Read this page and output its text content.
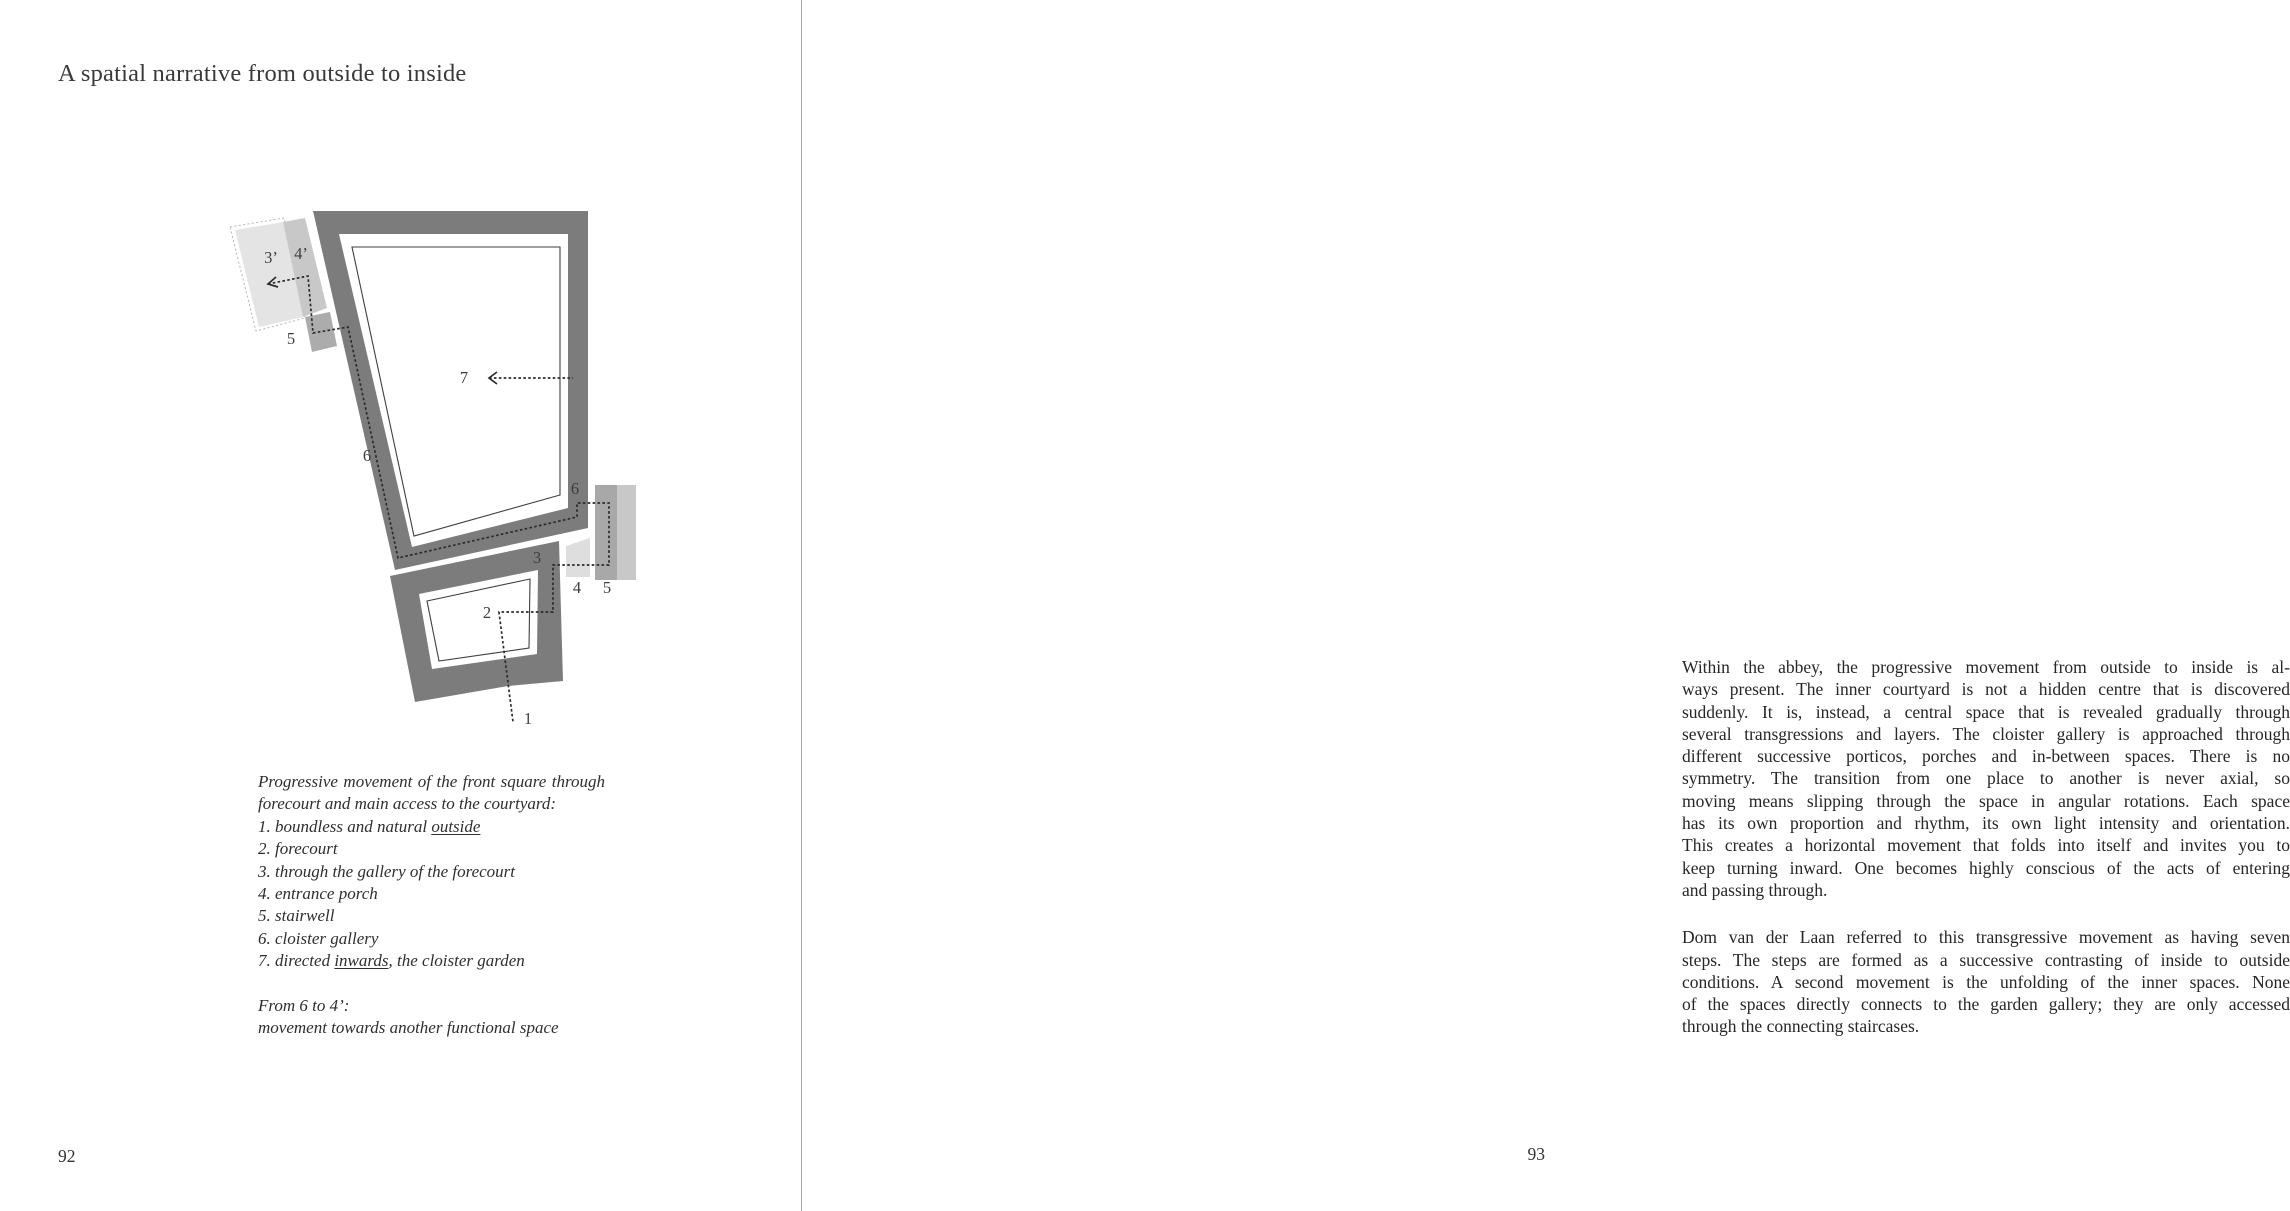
A spatial narrative from outside to inside
3’ 4’
5
6
7
6
3
4 5
2
1
Progressive movement of the front square through
forecourt and main access to the courtyard:
1. boundless and natural outside
2. forecourt
3. through the gallery of the forecourt
4. entrance porch
5. stairwell
6. cloister gallery
7. directed inwards, the cloister garden
From 6 to 4’:
movement towards another functional space
92
Within the abbey, the progressive movement from outside to inside is al-
ways present. The inner courtyard is not a hidden centre that is discovered
suddenly. It is, instead, a central space that is revealed gradually through
several transgressions and layers. The cloister gallery is approached through
different successive porticos, porches and in-between spaces. There is no
symmetry. The transition from one place to another is never axial, so
moving means slipping through the space in angular rotations. Each space
has its own proportion and rhythm, its own light intensity and orientation.
This creates a horizontal movement that folds into itself and invites you to
keep turning inward. One becomes highly conscious of the acts of entering
and passing through.
Dom van der Laan referred to this transgressive movement as having seven
steps. The steps are formed as a successive contrasting of inside to outside
conditions. A second movement is the unfolding of the inner spaces. None
of the spaces directly connects to the garden gallery; they are only accessed
through the connecting staircases.
93
